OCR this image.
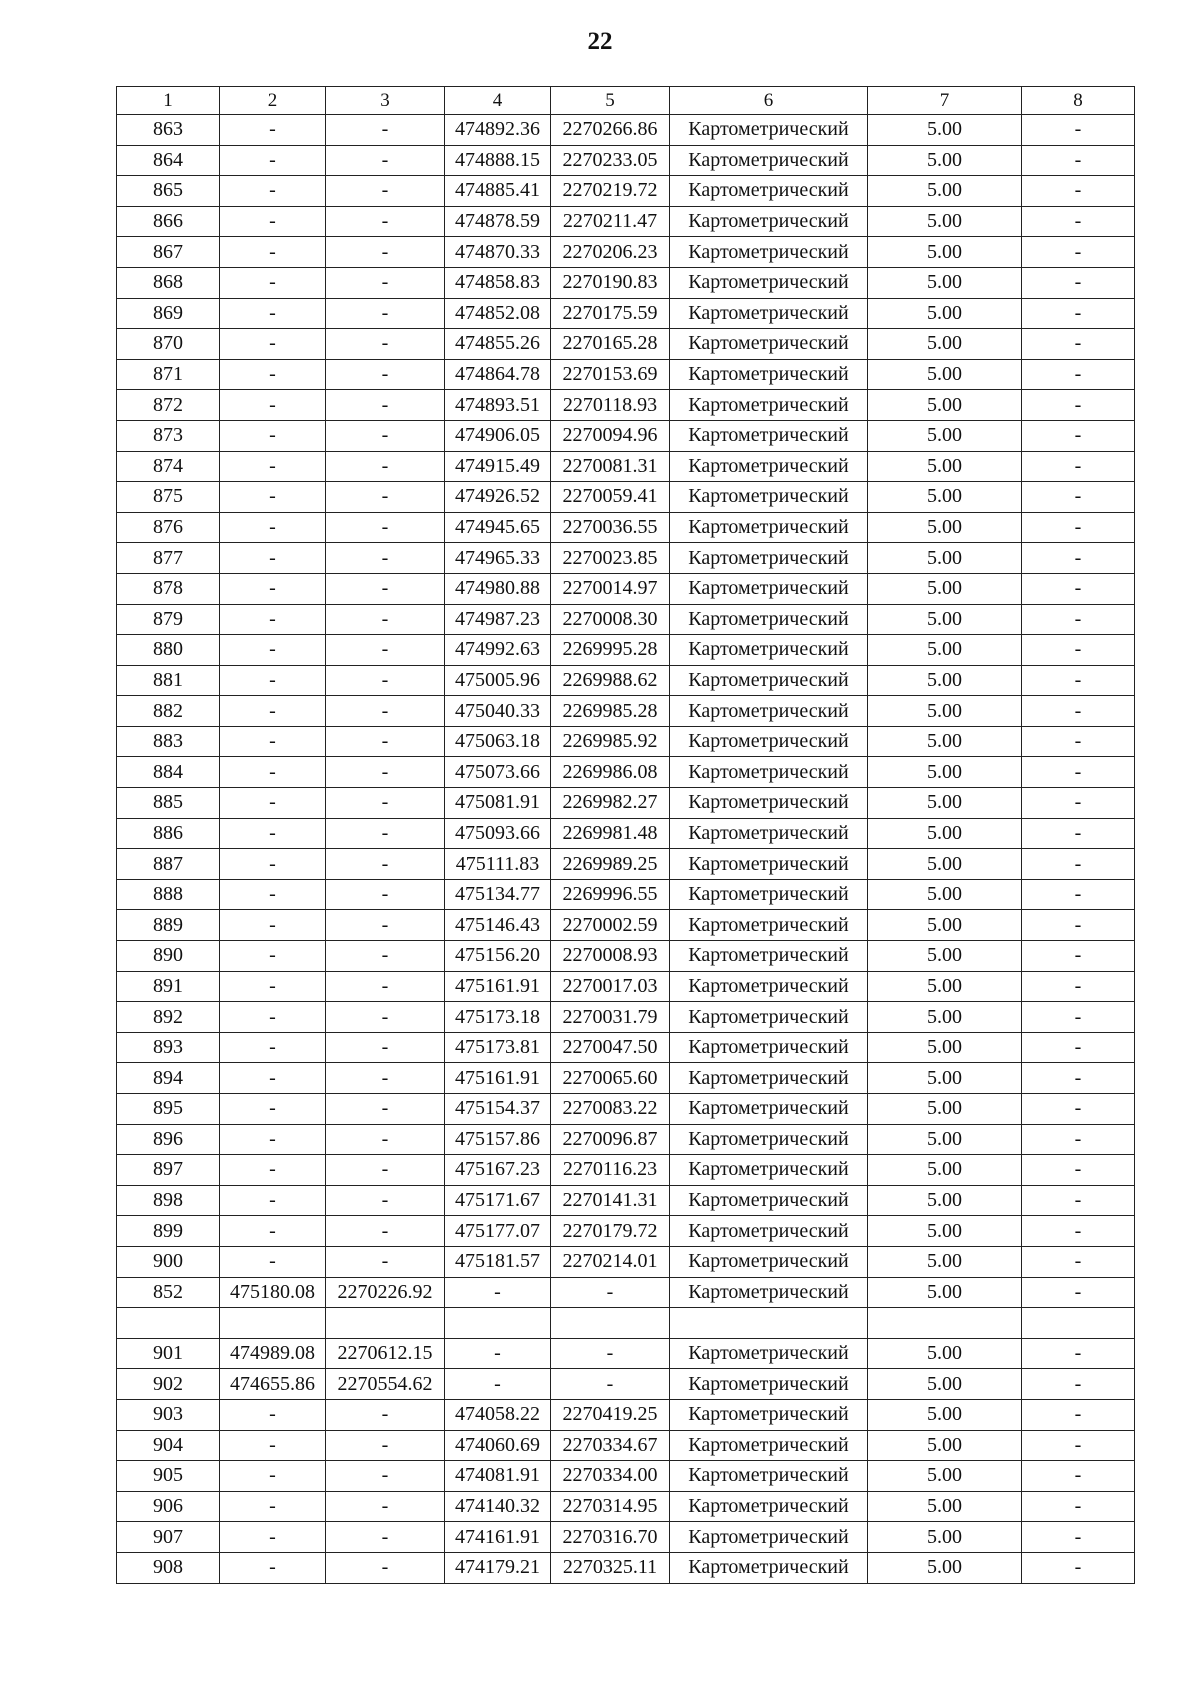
22
1	2	3	4	5	6	7	8
863	-	-	474892.36	2270266.86	Картометрический	5.00	-
864	-	-	474888.15	2270233.05	Картометрический	5.00	-
865	-	-	474885.41	2270219.72	Картометрический	5.00	-
866	-	-	474878.59	2270211.47	Картометрический	5.00	-
867	-	-	474870.33	2270206.23	Картометрический	5.00	-
868	-	-	474858.83	2270190.83	Картометрический	5.00	-
869	-	-	474852.08	2270175.59	Картометрический	5.00	-
870	-	-	474855.26	2270165.28	Картометрический	5.00	-
871	-	-	474864.78	2270153.69	Картометрический	5.00	-
872	-	-	474893.51	2270118.93	Картометрический	5.00	-
873	-	-	474906.05	2270094.96	Картометрический	5.00	-
874	-	-	474915.49	2270081.31	Картометрический	5.00	-
875	-	-	474926.52	2270059.41	Картометрический	5.00	-
876	-	-	474945.65	2270036.55	Картометрический	5.00	-
877	-	-	474965.33	2270023.85	Картометрический	5.00	-
878	-	-	474980.88	2270014.97	Картометрический	5.00	-
879	-	-	474987.23	2270008.30	Картометрический	5.00	-
880	-	-	474992.63	2269995.28	Картометрический	5.00	-
881	-	-	475005.96	2269988.62	Картометрический	5.00	-
882	-	-	475040.33	2269985.28	Картометрический	5.00	-
883	-	-	475063.18	2269985.92	Картометрический	5.00	-
884	-	-	475073.66	2269986.08	Картометрический	5.00	-
885	-	-	475081.91	2269982.27	Картометрический	5.00	-
886	-	-	475093.66	2269981.48	Картометрический	5.00	-
887	-	-	475111.83	2269989.25	Картометрический	5.00	-
888	-	-	475134.77	2269996.55	Картометрический	5.00	-
889	-	-	475146.43	2270002.59	Картометрический	5.00	-
890	-	-	475156.20	2270008.93	Картометрический	5.00	-
891	-	-	475161.91	2270017.03	Картометрический	5.00	-
892	-	-	475173.18	2270031.79	Картометрический	5.00	-
893	-	-	475173.81	2270047.50	Картометрический	5.00	-
894	-	-	475161.91	2270065.60	Картометрический	5.00	-
895	-	-	475154.37	2270083.22	Картометрический	5.00	-
896	-	-	475157.86	2270096.87	Картометрический	5.00	-
897	-	-	475167.23	2270116.23	Картометрический	5.00	-
898	-	-	475171.67	2270141.31	Картометрический	5.00	-
899	-	-	475177.07	2270179.72	Картометрический	5.00	-
900	-	-	475181.57	2270214.01	Картометрический	5.00	-
852	475180.08	2270226.92	-	-	Картометрический	5.00	-

901	474989.08	2270612.15	-	-	Картометрический	5.00	-
902	474655.86	2270554.62	-	-	Картометрический	5.00	-
903	-	-	474058.22	2270419.25	Картометрический	5.00	-
904	-	-	474060.69	2270334.67	Картометрический	5.00	-
905	-	-	474081.91	2270334.00	Картометрический	5.00	-
906	-	-	474140.32	2270314.95	Картометрический	5.00	-
907	-	-	474161.91	2270316.70	Картометрический	5.00	-
908	-	-	474179.21	2270325.11	Картометрический	5.00	-
